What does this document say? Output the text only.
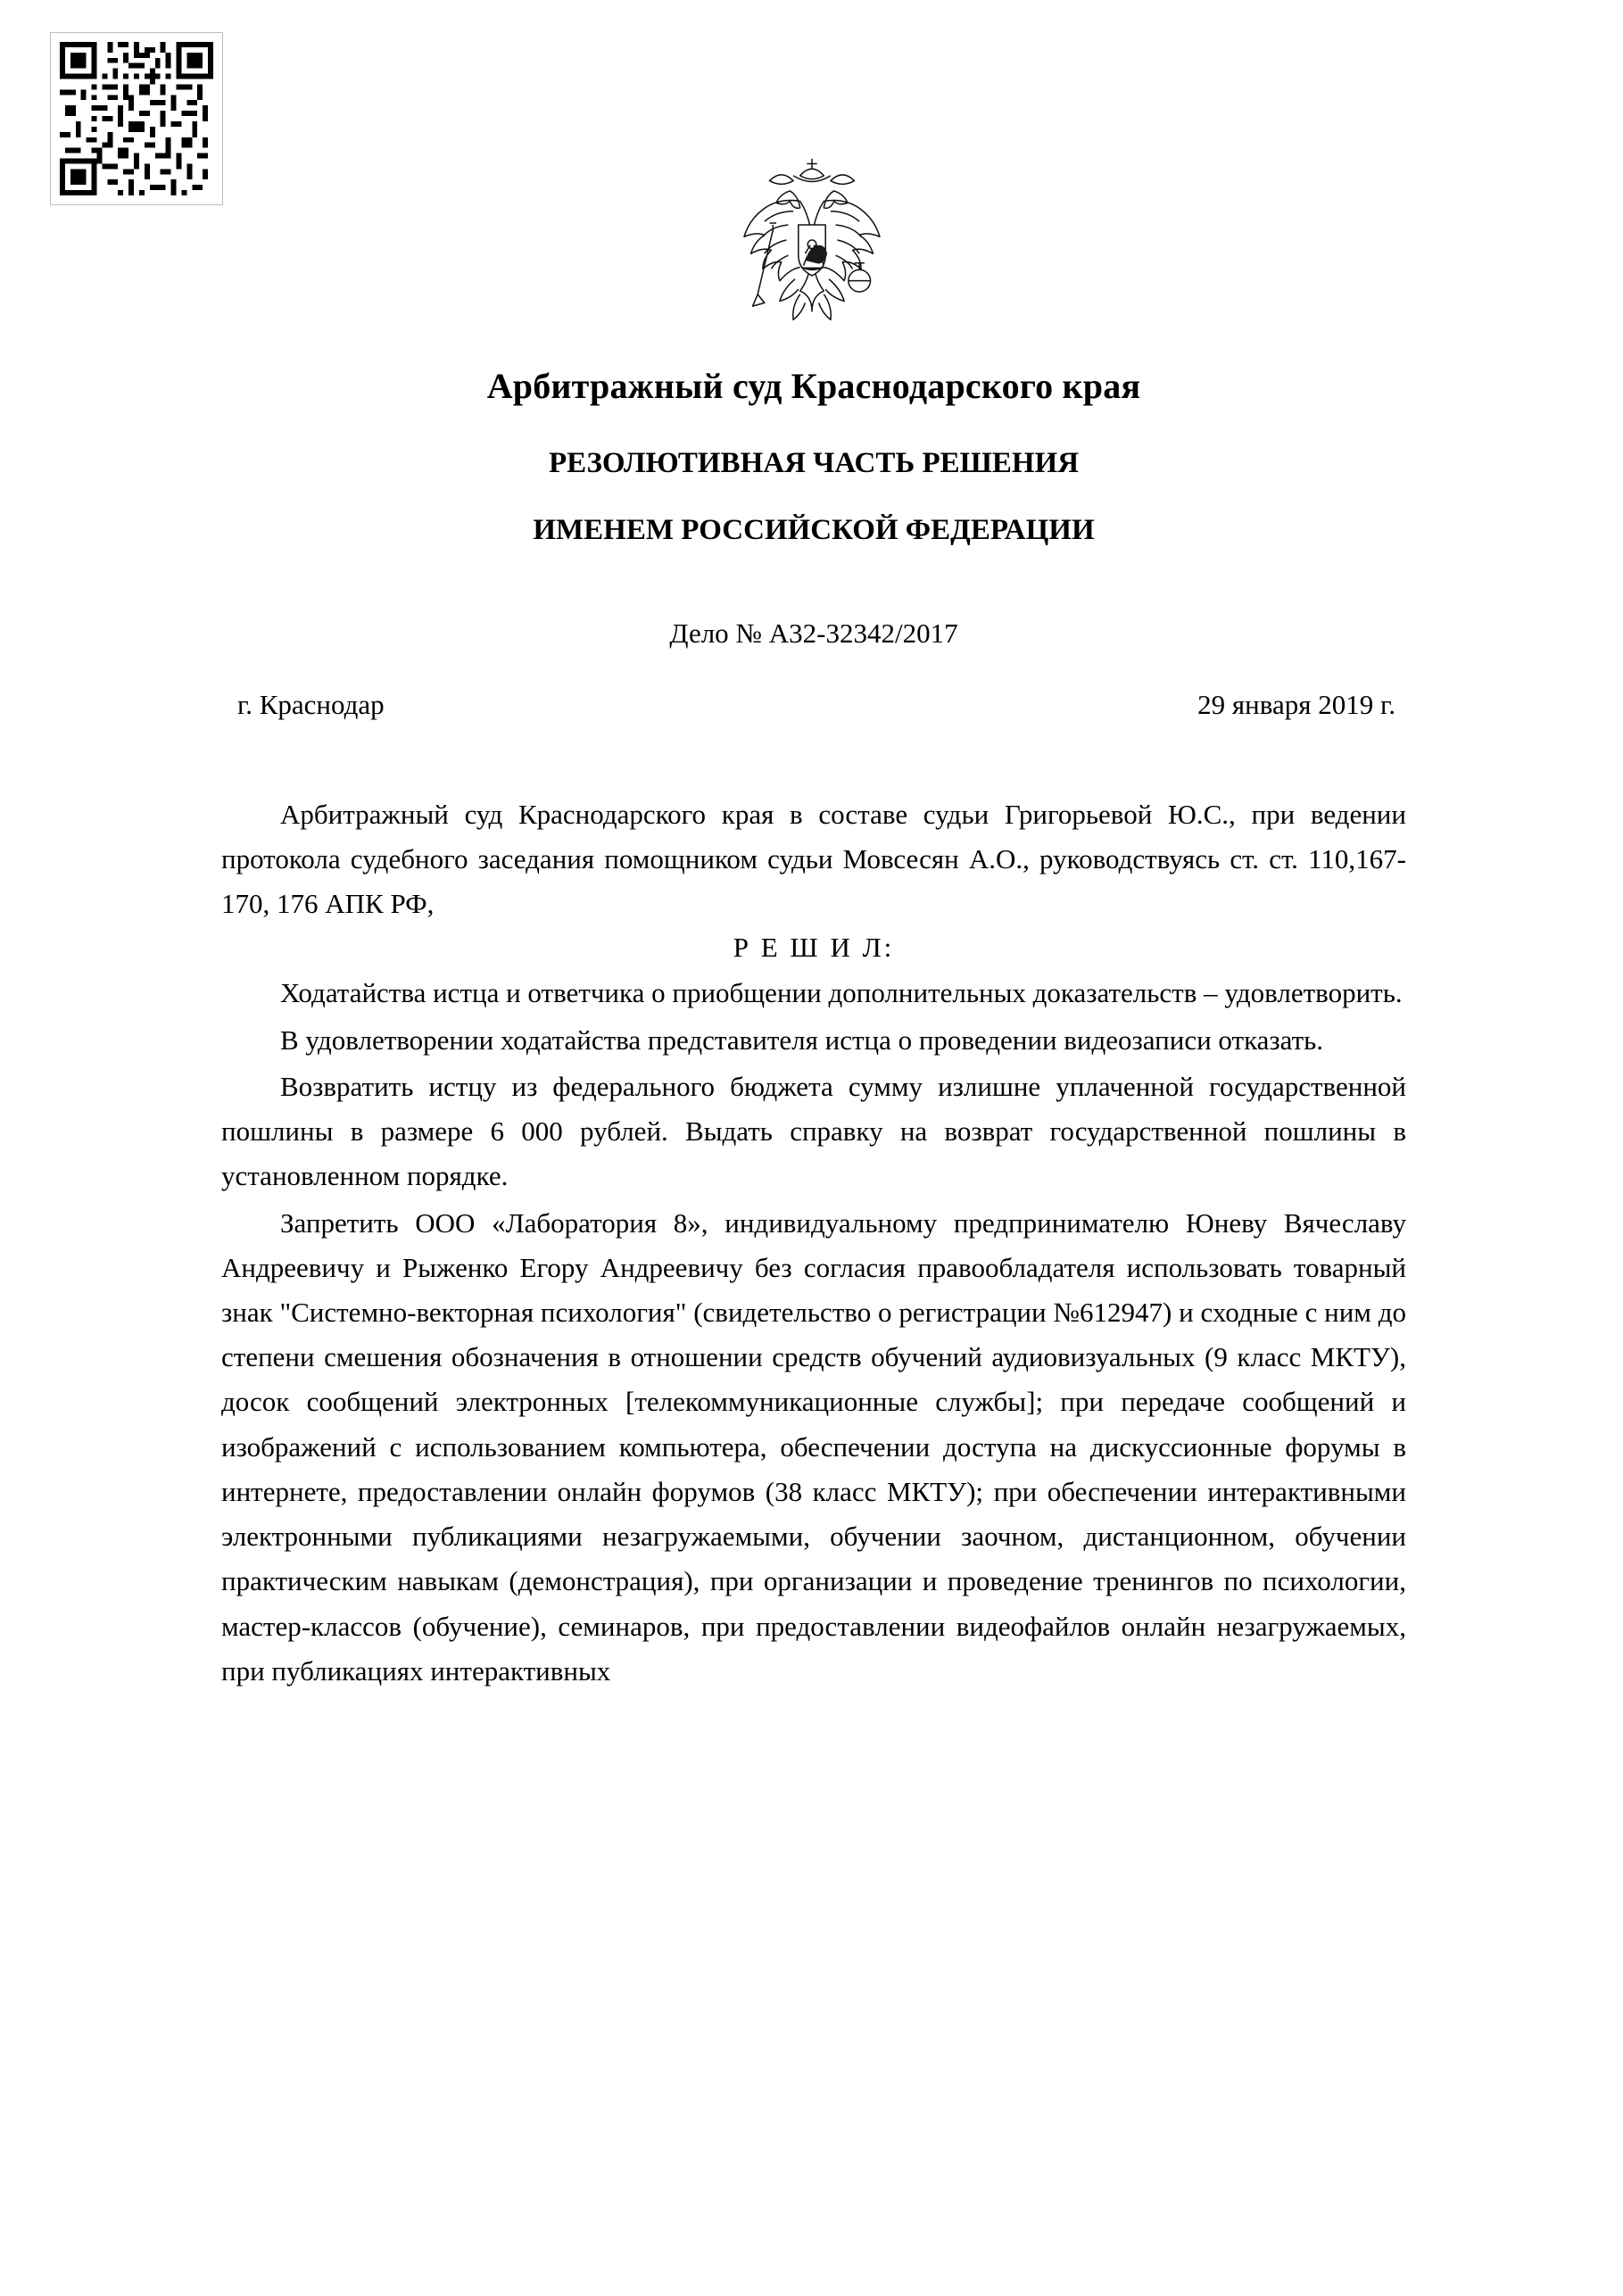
Арбитражный суд Краснодарского края
РЕЗОЛЮТИВНАЯ ЧАСТЬ РЕШЕНИЯ
ИМЕНЕМ РОССИЙСКОЙ ФЕДЕРАЦИИ
Дело № А32-32342/2017
г. Краснодар	29 января 2019 г.

Арбитражный суд Краснодарского края в составе судьи Григорьевой Ю.С., при ведении протокола судебного заседания помощником судьи Мовсесян А.О., руководствуясь ст. ст. 110,167-170, 176 АПК РФ,

Р Е Ш И Л:

Ходатайства истца и ответчика о приобщении дополнительных доказательств – удовлетворить.

В удовлетворении ходатайства представителя истца о проведении видеозаписи отказать.

Возвратить истцу из федерального бюджета сумму излишне уплаченной государственной пошлины в размере 6 000 рублей. Выдать справку на возврат государственной пошлины в установленном порядке.

Запретить ООО «Лаборатория 8», индивидуальному предпринимателю Юневу Вячеславу Андреевичу и Рыженко Егору Андреевичу без согласия правообладателя использовать товарный знак "Системно-векторная психология" (свидетельство о регистрации №612947) и сходные с ним до степени смешения обозначения в отношении средств обучений аудиовизуальных (9 класс МКТУ), досок сообщений электронных [телекоммуникационные службы]; при передаче сообщений и изображений с использованием компьютера, обеспечении доступа на дискуссионные форумы в интернете, предоставлении онлайн форумов (38 класс МКТУ); при обеспечении интерактивными электронными публикациями незагружаемыми, обучении заочном, дистанционном, обучении практическим навыкам (демонстрация), при организации и проведение тренингов по психологии, мастер-классов (обучение), семинаров, при предоставлении видеофайлов онлайн незагружаемых, при публикациях интерактивных
